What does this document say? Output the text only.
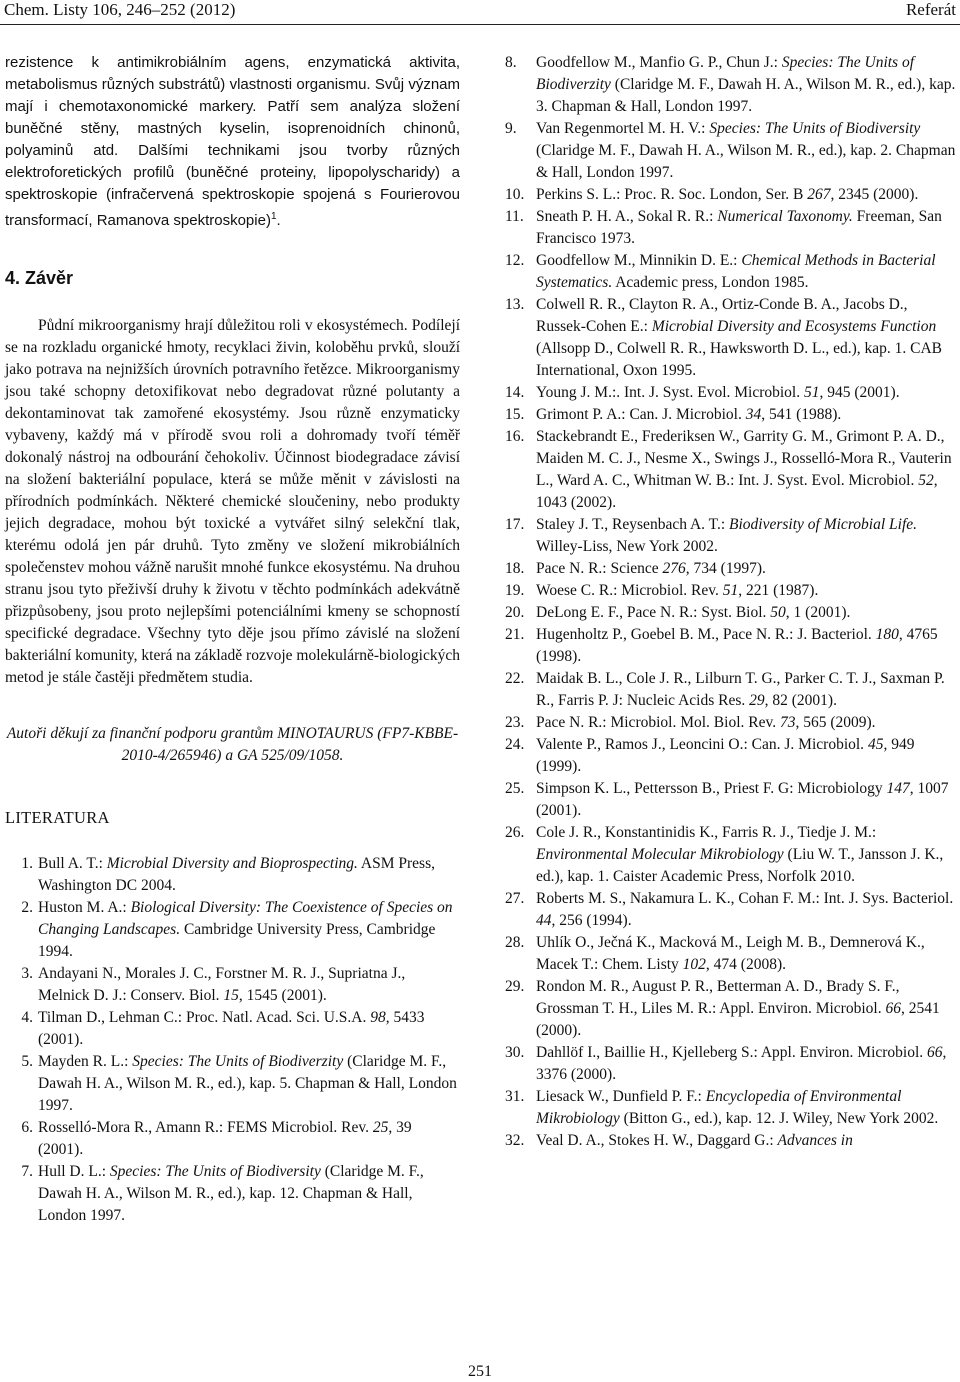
Chem. Listy 106, 246–252 (2012)	Referát

rezistence k antimikrobiálním agens, enzymatická aktivita, metabolismus různých substrátů) vlastnosti organismu. Svůj význam mají i chemotaxonomické markery. Patří sem analýza složení buněčné stěny, mastných kyselin, isoprenoidních chinonů, polyaminů atd. Dalšími technikami jsou tvorby různých elektroforetických profilů (buněčné proteiny, lipopolyscharidy) a spektroskopie (infračervená spektroskopie spojená s Fourierovou transformací, Ramanova spektroskopie)$^1$.

4. Závěr

Půdní mikroorganismy hrají důležitou roli v ekosystémech. Podílejí se na rozkladu organické hmoty, recyklaci živin, koloběhu prvků, slouží jako potrava na nejnižších úrovních potravního řetězce. Mikroorganismy jsou také schopny detoxifikovat nebo degradovat různé polutanty a dekontaminovat tak zamořené ekosystémy. Jsou různě enzymaticky vybaveny, každý má v přírodě svou roli a dohromady tvoří téměř dokonalý nástroj na odbourání čehokoliv. Účinnost biodegradace závisí na složení bakteriální populace, která se může měnit v závislosti na přírodních podmínkách. Některé chemické sloučeniny, nebo produkty jejich degradace, mohou být toxické a vytvářet silný selekční tlak, kterému odolá jen pár druhů. Tyto změny ve složení mikrobiálních společenstev mohou vážně narušit mnohé funkce ekosystému. Na druhou stranu jsou tyto přeživší druhy k životu v těchto podmínkách adekvátně přizpůsobeny, jsou proto nejlepšími potenciálními kmeny se schopností specifické degradace. Všechny tyto děje jsou přímo závislé na složení bakteriální komunity, která na základě rozvoje molekulárně-biologických metod je stále častěji předmětem studia.

Autoři děkují za finanční podporu grantům MINOTAURUS (FP7-KBBE-2010-4/265946) a GA 525/09/1058.

LITERATURA
1. Bull A. T.: Microbial Diversity and Bioprospecting. ASM Press, Washington DC 2004.
2. Huston M. A.: Biological Diversity: The Coexistence of Species on Changing Landscapes. Cambridge University Press, Cambridge 1994.
3. Andayani N., Morales J. C., Forstner M. R. J., Supriatna J., Melnick D. J.: Conserv. Biol. 15, 1545 (2001).
4. Tilman D., Lehman C.: Proc. Natl. Acad. Sci. U.S.A. 98, 5433 (2001).
5. Mayden R. L.: Species: The Units of Biodiverzity (Claridge M. F., Dawah H. A., Wilson M. R., ed.), kap. 5. Chapman & Hall, London 1997.
6. Rosselló-Mora R., Amann R.: FEMS Microbiol. Rev. 25, 39 (2001).
7. Hull D. L.: Species: The Units of Biodiversity (Claridge M. F., Dawah H. A., Wilson M. R., ed.), kap. 12. Chapman & Hall, London 1997.
8.	Goodfellow M., Manfio G. P., Chun J.: Species: The Units of Biodiverzity (Claridge M. F., Dawah H. A., Wilson M. R., ed.), kap. 3. Chapman & Hall, London 1997.
9.	Van Regenmortel M. H. V.: Species: The Units of Biodiversity (Claridge M. F., Dawah H. A., Wilson M. R., ed.), kap. 2. Chapman & Hall, London 1997.
10. Perkins S. L.: Proc. R. Soc. London, Ser. B 267, 2345 (2000).
11. Sneath P. H. A., Sokal R. R.: Numerical Taxonomy. Freeman, San Francisco 1973.
12. Goodfellow M., Minnikin D. E.: Chemical Methods in Bacterial Systematics. Academic press, London 1985.
13. Colwell R. R., Clayton R. A., Ortiz-Conde B. A., Jacobs D., Russek-Cohen E.: Microbial Diversity and Ecosystems Function (Allsopp D., Colwell R. R., Hawksworth D. L., ed.), kap. 1. CAB International, Oxon 1995.
14. Young J. M.:. Int. J. Syst. Evol. Microbiol. 51, 945 (2001).
15. Grimont P. A.: Can. J. Microbiol. 34, 541 (1988).
16. Stackebrandt E., Frederiksen W., Garrity G. M., Grimont P. A. D., Maiden M. C. J., Nesme X., Swings J., Rosselló-Mora R., Vauterin L., Ward A. C., Whitman W. B.: Int. J. Syst. Evol. Microbiol. 52, 1043 (2002).
17. Staley J. T., Reysenbach A. T.: Biodiversity of Microbial Life. Willey-Liss, New York 2002.
18. Pace N. R.: Science 276, 734 (1997).
19. Woese C. R.: Microbiol. Rev. 51, 221 (1987).
20. DeLong E. F., Pace N. R.: Syst. Biol. 50, 1 (2001).
21. Hugenholtz P., Goebel B. M., Pace N. R.: J. Bacteriol. 180, 4765 (1998).
22. Maidak B. L., Cole J. R., Lilburn T. G., Parker C. T. J., Saxman P. R., Farris P. J: Nucleic Acids Res. 29, 82 (2001).
23. Pace N. R.: Microbiol. Mol. Biol. Rev. 73, 565 (2009).
24. Valente P., Ramos J., Leoncini O.: Can. J. Microbiol. 45, 949 (1999).
25. Simpson K. L., Pettersson B., Priest F. G: Microbiology 147, 1007 (2001).
26. Cole J. R., Konstantinidis K., Farris R. J., Tiedje J. M.: Environmental Molecular Mikrobiology (Liu W. T., Jansson J. K., ed.), kap. 1. Caister Academic Press, Norfolk 2010.
27. Roberts M. S., Nakamura L. K., Cohan F. M.: Int. J. Sys. Bacteriol. 44, 256 (1994).
28. Uhlík O., Ječná K., Macková M., Leigh M. B., Demnerová K., Macek T.: Chem. Listy 102, 474 (2008).
29. Rondon M. R., August P. R., Betterman A. D., Brady S. F., Grossman T. H., Liles M. R.: Appl. Environ. Microbiol. 66, 2541 (2000).
30. Dahllöf I., Baillie H., Kjelleberg S.: Appl. Environ. Microbiol. 66, 3376 (2000).
31. Liesack W., Dunfield P. F.: Encyclopedia of Environmental Mikrobiology (Bitton G., ed.), kap. 12. J. Wiley, New York 2002.
32. Veal D. A., Stokes H. W., Daggard G.: Advances in
251
